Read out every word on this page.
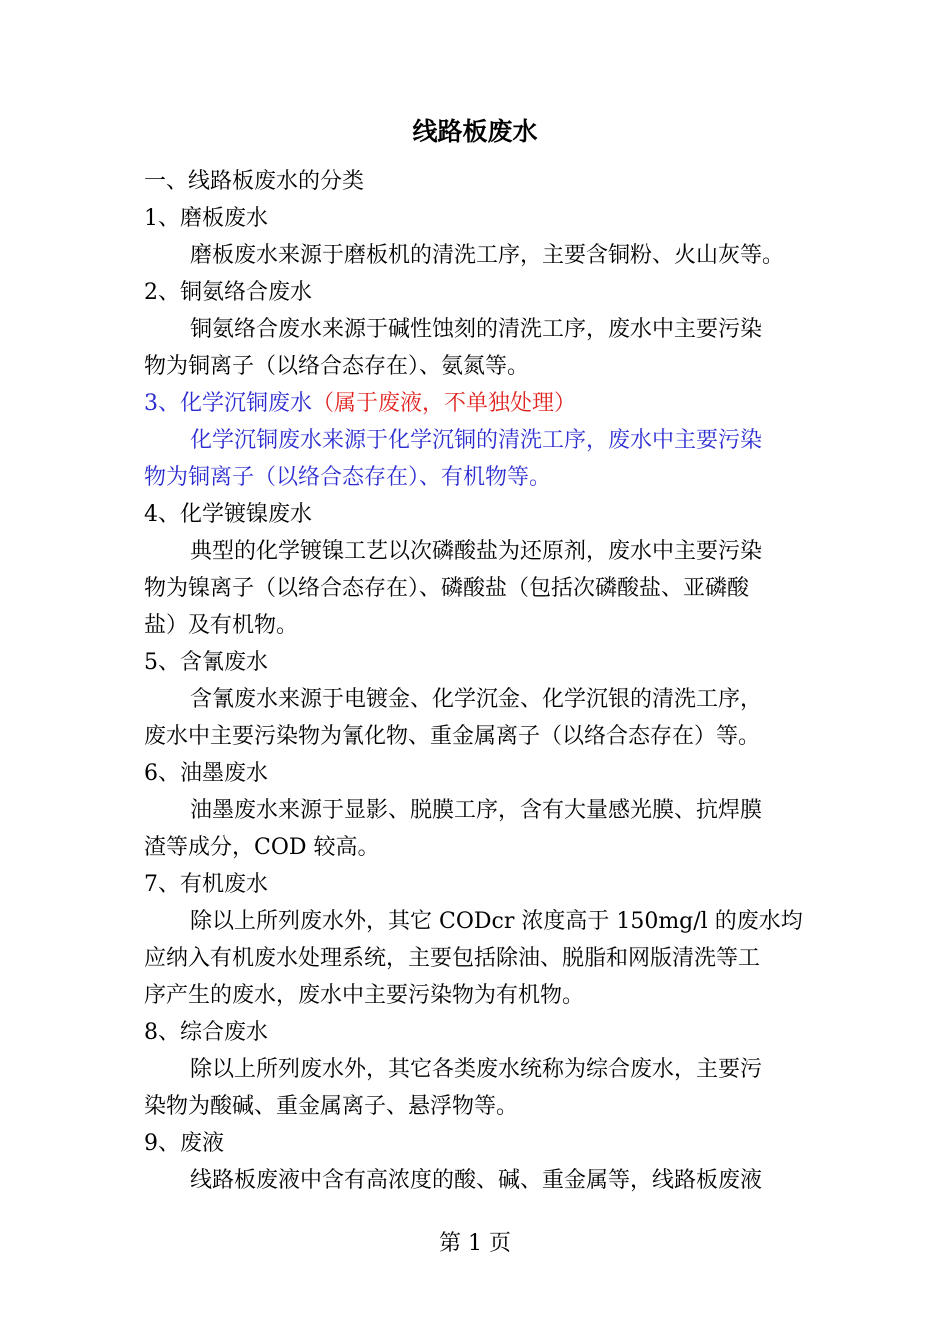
线路板废水
一、线路板废水的分类
1、磨板废水
磨板废水来源于磨板机的清洗工序，主要含铜粉、火山灰等。
2、铜氨络合废水
铜氨络合废水来源于碱性蚀刻的清洗工序，废水中主要污染
物为铜离子（以络合态存在）、氨氮等。
3、化学沉铜废水（属于废液，不单独处理）
化学沉铜废水来源于化学沉铜的清洗工序，废水中主要污染
物为铜离子（以络合态存在）、有机物等。
4、化学镀镍废水
典型的化学镀镍工艺以次磷酸盐为还原剂，废水中主要污染
物为镍离子（以络合态存在）、磷酸盐（包括次磷酸盐、亚磷酸
盐）及有机物。
5、含氰废水
含氰废水来源于电镀金、化学沉金、化学沉银的清洗工序，
废水中主要污染物为氰化物、重金属离子（以络合态存在）等。
6、油墨废水
油墨废水来源于显影、脱膜工序，含有大量感光膜、抗焊膜
渣等成分，COD 较高。
7、有机废水
除以上所列废水外，其它 CODcr 浓度高于 150mg/l 的废水均
应纳入有机废水处理系统，主要包括除油、脱脂和网版清洗等工
序产生的废水，废水中主要污染物为有机物。
8、综合废水
除以上所列废水外，其它各类废水统称为综合废水，主要污
染物为酸碱、重金属离子、悬浮物等。
9、废液
线路板废液中含有高浓度的酸、碱、重金属等，线路板废液
第 1 页
